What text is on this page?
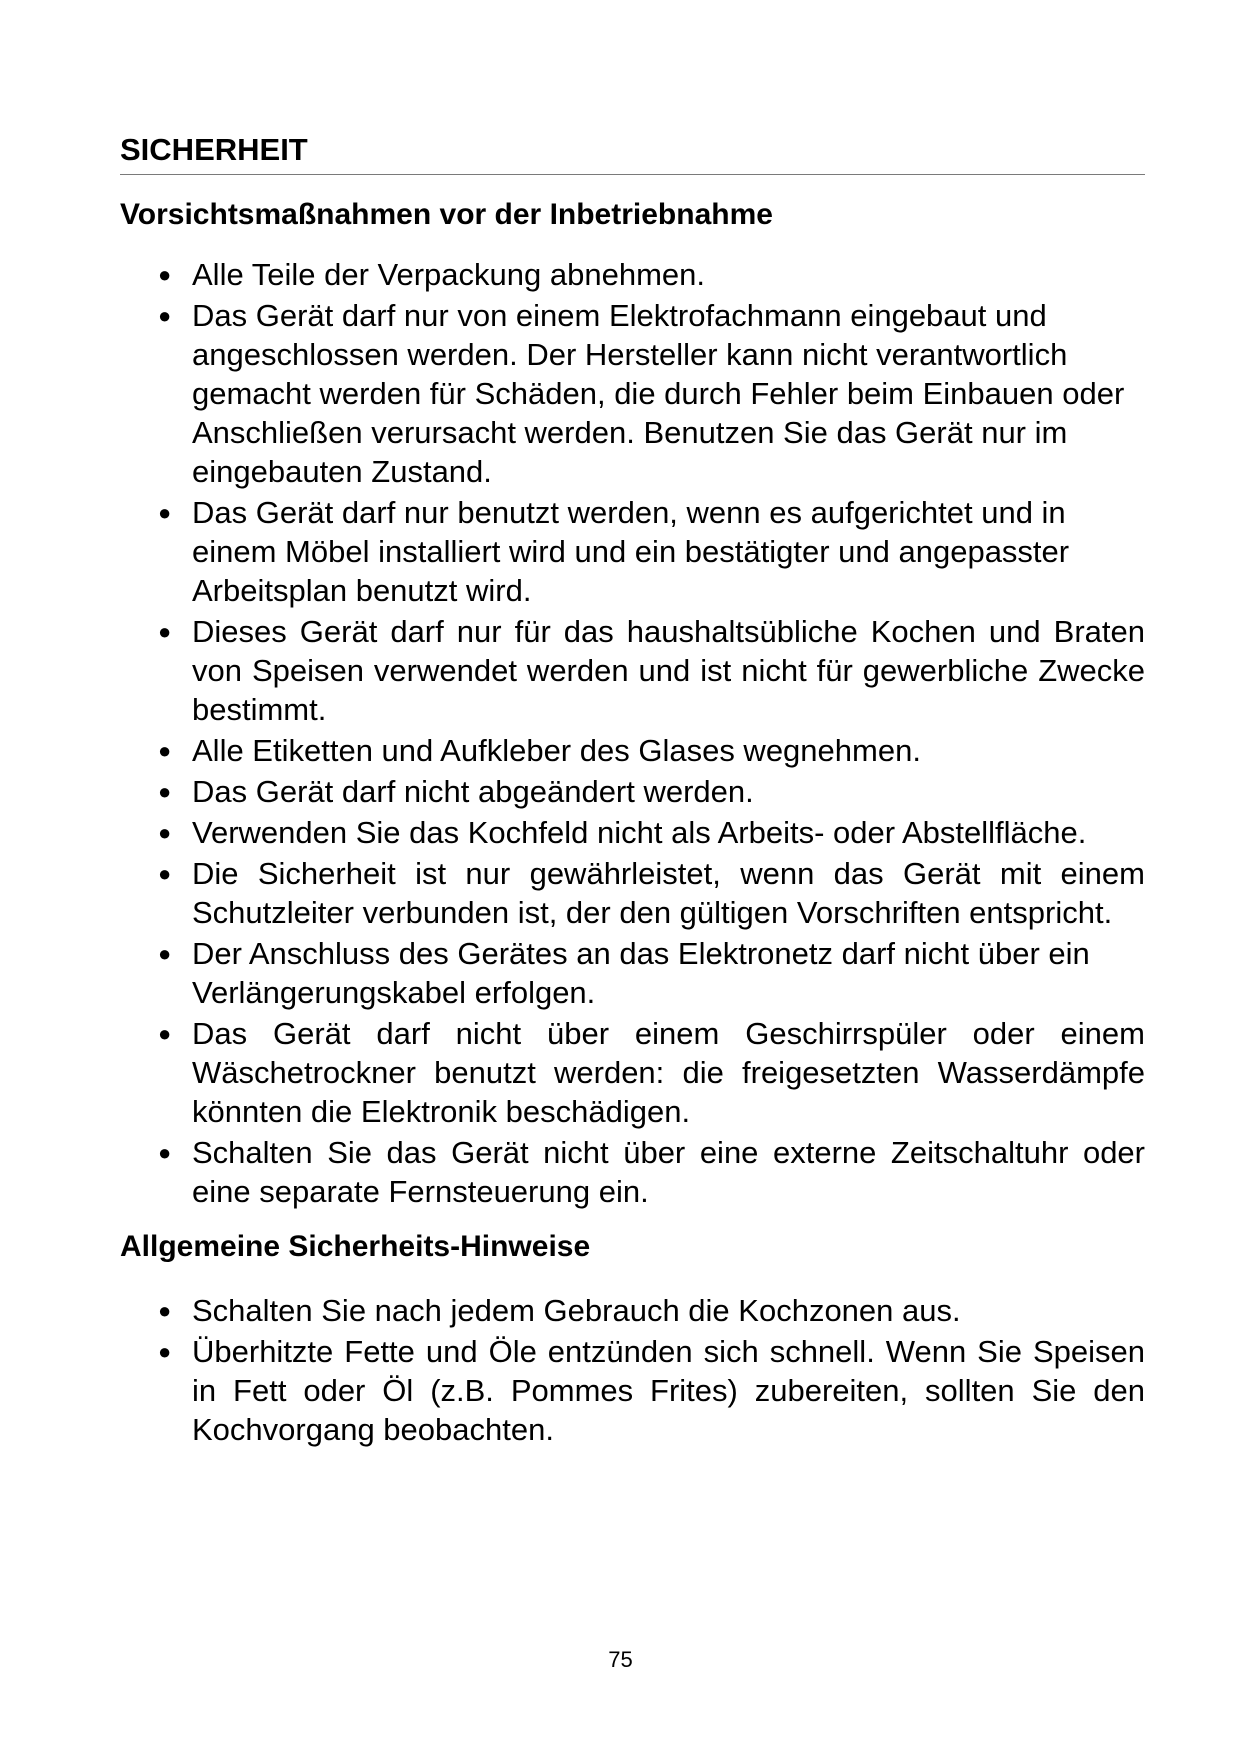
SICHERHEIT
Vorsichtsmaßnahmen vor der Inbetriebnahme
● Alle Teile der Verpackung abnehmen.
● Das Gerät darf nur von einem Elektrofachmann eingebaut und angeschlossen werden. Der Hersteller kann nicht verantwortlich gemacht werden für Schäden, die durch Fehler beim Einbauen oder Anschließen verursacht werden. Benutzen Sie das Gerät nur im eingebauten Zustand.
● Das Gerät darf nur benutzt werden, wenn es aufgerichtet und in einem Möbel installiert wird und ein bestätigter und angepasster Arbeitsplan benutzt wird.
● Dieses Gerät darf nur für das haushaltsübliche Kochen und Braten von Speisen verwendet werden und ist nicht für gewerbliche Zwecke bestimmt.
● Alle Etiketten und Aufkleber des Glases wegnehmen.
● Das Gerät darf nicht abgeändert werden.
● Verwenden Sie das Kochfeld nicht als Arbeits- oder Abstellfläche.
● Die Sicherheit ist nur gewährleistet, wenn das Gerät mit einem Schutzleiter verbunden ist, der den gültigen Vorschriften entspricht.
● Der Anschluss des Gerätes an das Elektronetz darf nicht über ein Verlängerungskabel erfolgen.
● Das Gerät darf nicht über einem Geschirrspüler oder einem Wäschetrockner benutzt werden: die freigesetzten Wasserdämpfe könnten die Elektronik beschädigen.
● Schalten Sie das Gerät nicht über eine externe Zeitschaltuhr oder eine separate Fernsteuerung ein.
Allgemeine Sicherheits-Hinweise
● Schalten Sie nach jedem Gebrauch die Kochzonen aus.
● Überhitzte Fette und Öle entzünden sich schnell. Wenn Sie Speisen in Fett oder Öl (z.B. Pommes Frites) zubereiten, sollten Sie den Kochvorgang beobachten.
75
